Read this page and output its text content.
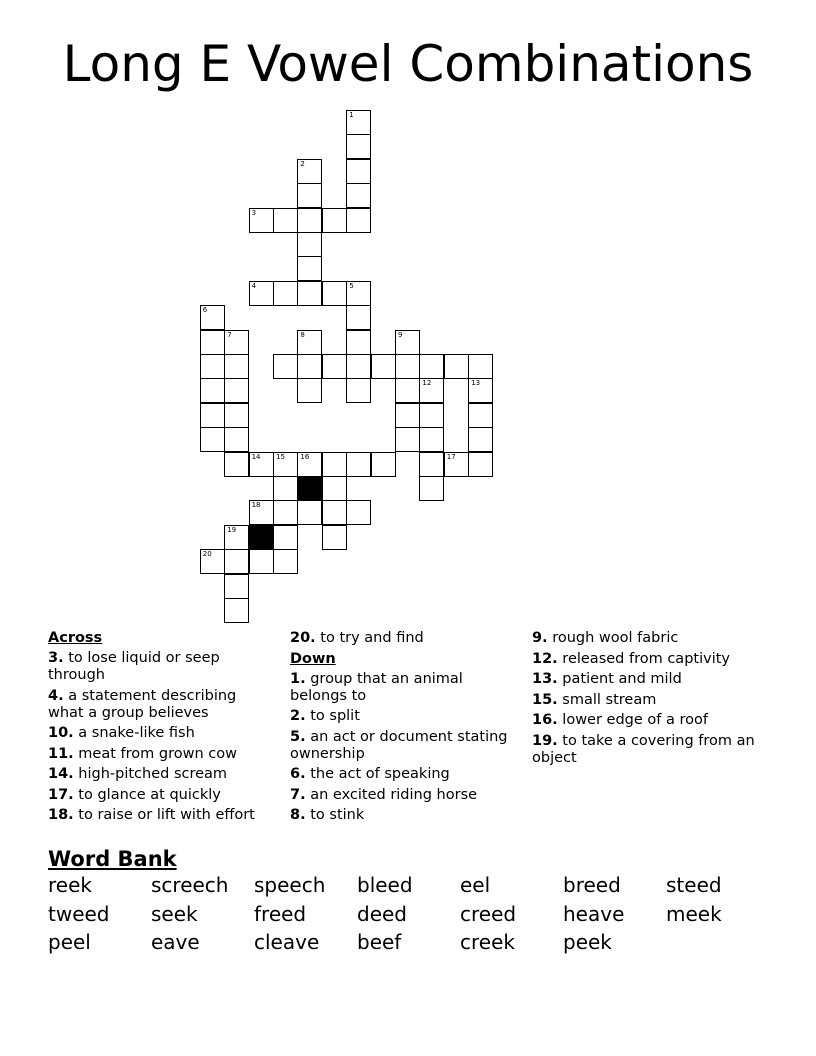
Long E Vowel Combinations
1
2
3
4	5
6
7	8	9
12	13
14 15 16	17
18
19
20
Across
3. to lose liquid or seep through
4. a statement describing what a group believes
10. a snake-like fish
11. meat from grown cow
14. high-pitched scream
17. to glance at quickly
18. to raise or lift with effort
20. to try and find
Down
1. group that an animal belongs to
2. to split
5. an act or document stating ownership
6. the act of speaking
7. an excited riding horse
8. to stink
9. rough wool fabric
12. released from captivity
13. patient and mild
15. small stream
16. lower edge of a roof
19. to take a covering from an object
Word Bank
reek	screech speech bleed eel	breed steed
tweed seek	freed	deed	creed heave meek
peel	eave	cleave beef	creek peek
